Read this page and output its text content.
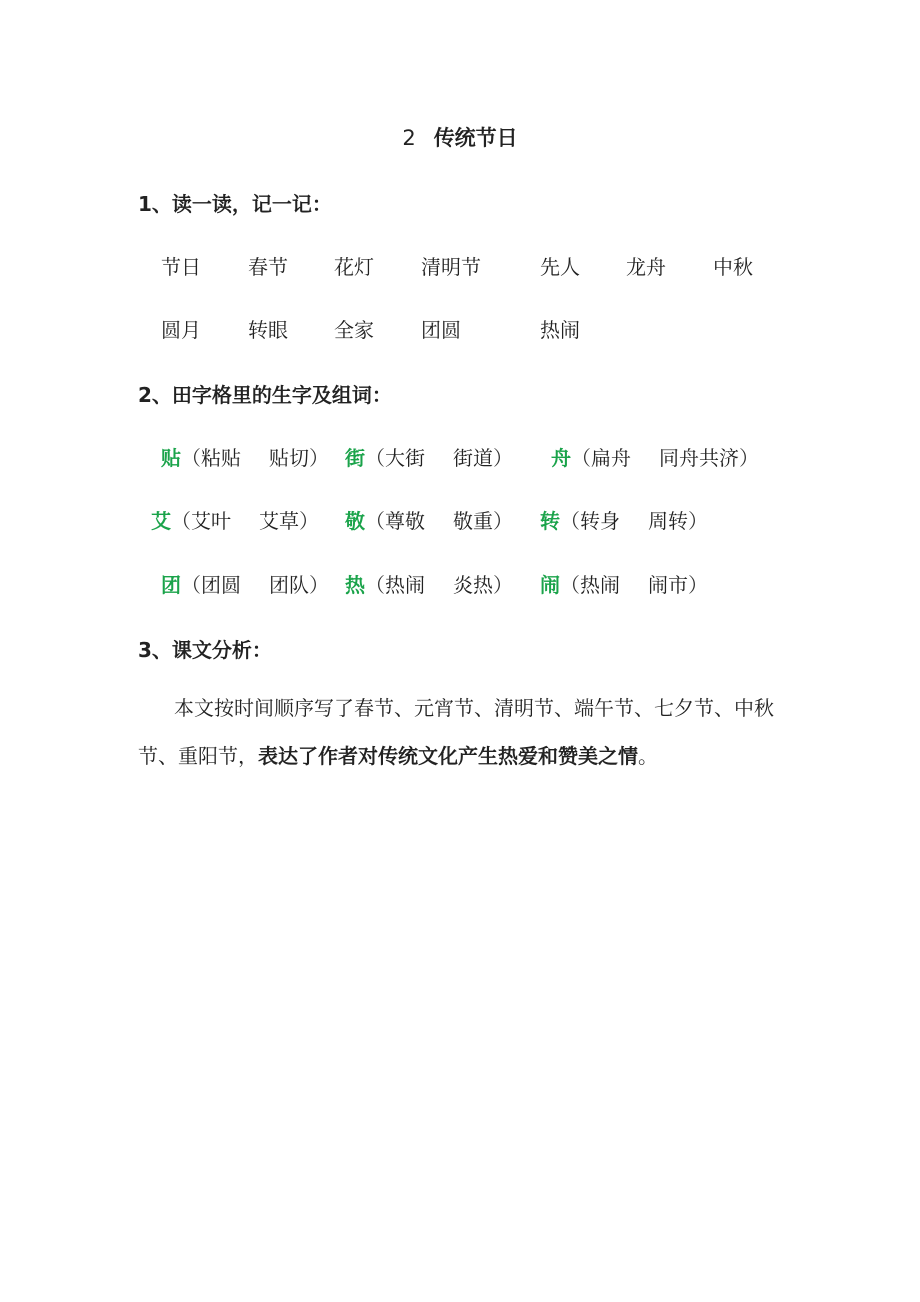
2 传统节日
1、读一读，记一记：
节日 春节 花灯 清明节	先人 龙舟 中秋
圆月 转眼 全家 团圆	热闹
2、田字格里的生字及组词：
贴（粘贴 贴切） 街（大街 街道） 舟（扁舟 同舟共济）
艾（艾叶 艾草） 敬（尊敬 敬重） 转（转身 周转）
团（团圆 团队） 热（热闹 炎热） 闹（热闹 闹市）
3、课文分析：
本文按时间顺序写了春节、元宵节、清明节、端午节、七夕节、中秋节、重阳节，表达了作者对传统文化产生热爱和赞美之情。
